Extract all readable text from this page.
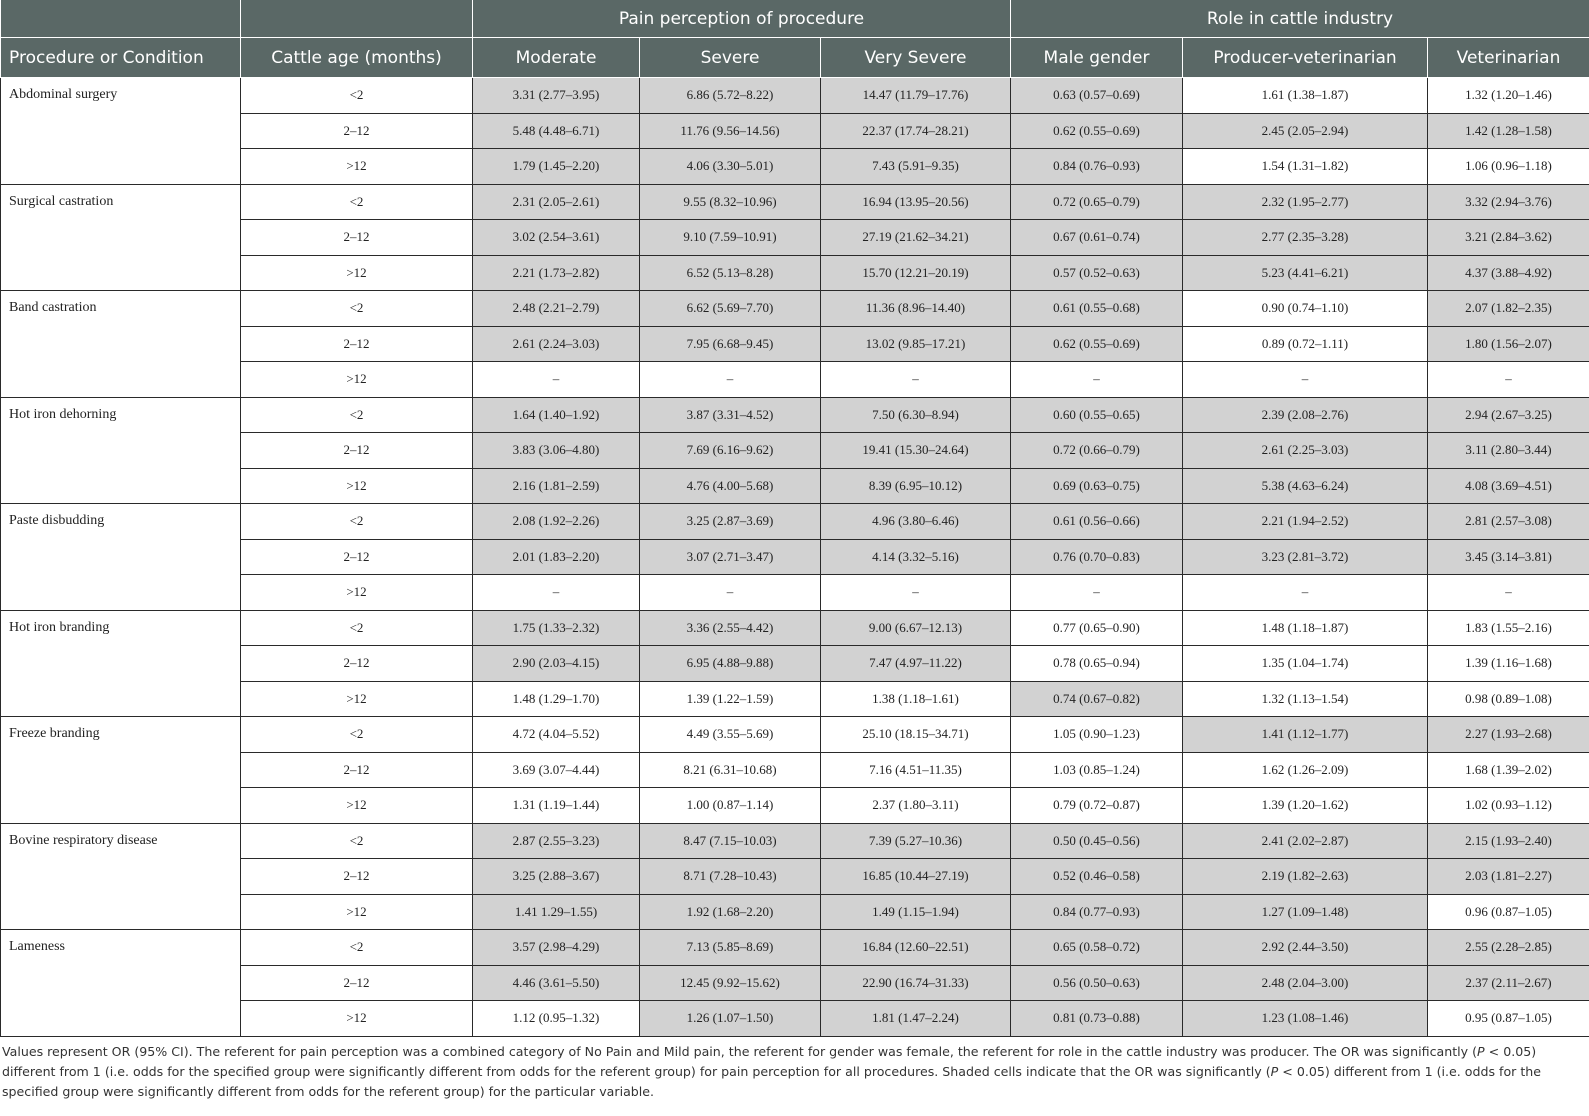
		Pain perception of procedure			Role in cattle industry		
Procedure or Condition	Cattle age (months)	Moderate	Severe	Very Severe	Male gender	Producer-veterinarian	Veterinarian
Abdominal surgery	<2	3.31 (2.77–3.95)	6.86 (5.72–8.22)	14.47 (11.79–17.76)	0.63 (0.57–0.69)	1.61 (1.38–1.87)	1.32 (1.20–1.46)
	2–12	5.48 (4.48–6.71)	11.76 (9.56–14.56)	22.37 (17.74–28.21)	0.62 (0.55–0.69)	2.45 (2.05–2.94)	1.42 (1.28–1.58)
	>12	1.79 (1.45–2.20)	4.06 (3.30–5.01)	7.43 (5.91–9.35)	0.84 (0.76–0.93)	1.54 (1.31–1.82)	1.06 (0.96–1.18)
Surgical castration	<2	2.31 (2.05–2.61)	9.55 (8.32–10.96)	16.94 (13.95–20.56)	0.72 (0.65–0.79)	2.32 (1.95–2.77)	3.32 (2.94–3.76)
	2–12	3.02 (2.54–3.61)	9.10 (7.59–10.91)	27.19 (21.62–34.21)	0.67 (0.61–0.74)	2.77 (2.35–3.28)	3.21 (2.84–3.62)
	>12	2.21 (1.73–2.82)	6.52 (5.13–8.28)	15.70 (12.21–20.19)	0.57 (0.52–0.63)	5.23 (4.41–6.21)	4.37 (3.88–4.92)
Band castration	<2	2.48 (2.21–2.79)	6.62 (5.69–7.70)	11.36 (8.96–14.40)	0.61 (0.55–0.68)	0.90 (0.74–1.10)	2.07 (1.82–2.35)
	2–12	2.61 (2.24–3.03)	7.95 (6.68–9.45)	13.02 (9.85–17.21)	0.62 (0.55–0.69)	0.89 (0.72–1.11)	1.80 (1.56–2.07)
	>12	–	–	–	–	–	–
Hot iron dehorning	<2	1.64 (1.40–1.92)	3.87 (3.31–4.52)	7.50 (6.30–8.94)	0.60 (0.55–0.65)	2.39 (2.08–2.76)	2.94 (2.67–3.25)
	2–12	3.83 (3.06–4.80)	7.69 (6.16–9.62)	19.41 (15.30–24.64)	0.72 (0.66–0.79)	2.61 (2.25–3.03)	3.11 (2.80–3.44)
	>12	2.16 (1.81–2.59)	4.76 (4.00–5.68)	8.39 (6.95–10.12)	0.69 (0.63–0.75)	5.38 (4.63–6.24)	4.08 (3.69–4.51)
Paste disbudding	<2	2.08 (1.92–2.26)	3.25 (2.87–3.69)	4.96 (3.80–6.46)	0.61 (0.56–0.66)	2.21 (1.94–2.52)	2.81 (2.57–3.08)
	2–12	2.01 (1.83–2.20)	3.07 (2.71–3.47)	4.14 (3.32–5.16)	0.76 (0.70–0.83)	3.23 (2.81–3.72)	3.45 (3.14–3.81)
	>12	–	–	–	–	–	–
Hot iron branding	<2	1.75 (1.33–2.32)	3.36 (2.55–4.42)	9.00 (6.67–12.13)	0.77 (0.65–0.90)	1.48 (1.18–1.87)	1.83 (1.55–2.16)
	2–12	2.90 (2.03–4.15)	6.95 (4.88–9.88)	7.47 (4.97–11.22)	0.78 (0.65–0.94)	1.35 (1.04–1.74)	1.39 (1.16–1.68)
	>12	1.48 (1.29–1.70)	1.39 (1.22–1.59)	1.38 (1.18–1.61)	0.74 (0.67–0.82)	1.32 (1.13–1.54)	0.98 (0.89–1.08)
Freeze branding	<2	4.72 (4.04–5.52)	4.49 (3.55–5.69)	25.10 (18.15–34.71)	1.05 (0.90–1.23)	1.41 (1.12–1.77)	2.27 (1.93–2.68)
	2–12	3.69 (3.07–4.44)	8.21 (6.31–10.68)	7.16 (4.51–11.35)	1.03 (0.85–1.24)	1.62 (1.26–2.09)	1.68 (1.39–2.02)
	>12	1.31 (1.19–1.44)	1.00 (0.87–1.14)	2.37 (1.80–3.11)	0.79 (0.72–0.87)	1.39 (1.20–1.62)	1.02 (0.93–1.12)
Bovine respiratory disease	<2	2.87 (2.55–3.23)	8.47 (7.15–10.03)	7.39 (5.27–10.36)	0.50 (0.45–0.56)	2.41 (2.02–2.87)	2.15 (1.93–2.40)
	2–12	3.25 (2.88–3.67)	8.71 (7.28–10.43)	16.85 (10.44–27.19)	0.52 (0.46–0.58)	2.19 (1.82–2.63)	2.03 (1.81–2.27)
	>12	1.41 1.29–1.55)	1.92 (1.68–2.20)	1.49 (1.15–1.94)	0.84 (0.77–0.93)	1.27 (1.09–1.48)	0.96 (0.87–1.05)
Lameness	<2	3.57 (2.98–4.29)	7.13 (5.85–8.69)	16.84 (12.60–22.51)	0.65 (0.58–0.72)	2.92 (2.44–3.50)	2.55 (2.28–2.85)
	2–12	4.46 (3.61–5.50)	12.45 (9.92–15.62)	22.90 (16.74–31.33)	0.56 (0.50–0.63)	2.48 (2.04–3.00)	2.37 (2.11–2.67)
	>12	1.12 (0.95–1.32)	1.26 (1.07–1.50)	1.81 (1.47–2.24)	0.81 (0.73–0.88)	1.23 (1.08–1.46)	0.95 (0.87–1.05)
Values represent OR (95% CI). The referent for pain perception was a combined category of No Pain and Mild pain, the referent for gender was female, the referent for role in the cattle industry was producer. The OR was significantly (P < 0.05) different from 1 (i.e. odds for the specified group were significantly different from odds for the referent group) for pain perception for all procedures. Shaded cells indicate that the OR was significantly (P < 0.05) different from 1 (i.e. odds for the specified group were significantly different from odds for the referent group) for the particular variable.
